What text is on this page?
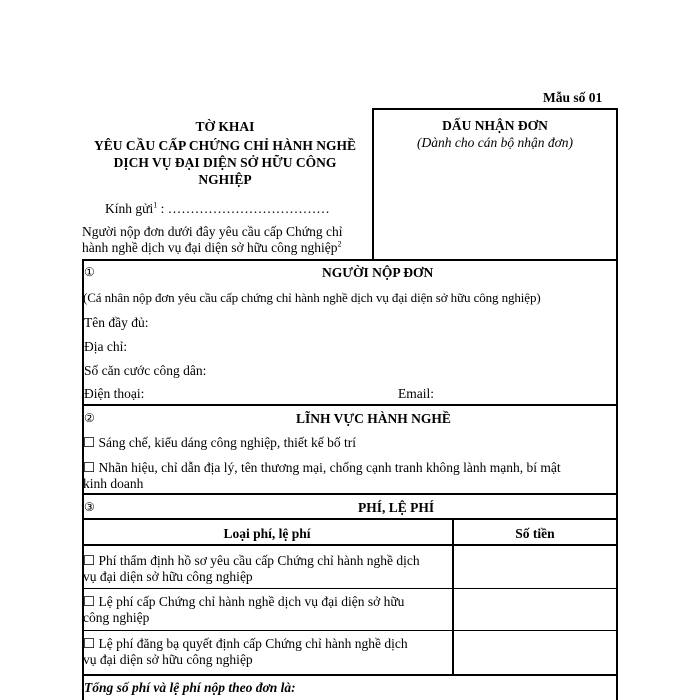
Mẫu số 01
TỜ KHAI
YÊU CẦU CẤP CHỨNG CHỈ HÀNH NGHỀ
DỊCH VỤ ĐẠI DIỆN SỞ HỮU CÔNG
NGHIỆP
Kính gửi$^1$ : ………………………………
Người nộp đơn dưới đây yêu cầu cấp Chứng chỉ
hành nghề dịch vụ đại diện sở hữu công nghiệp$^2$
DẤU NHẬN ĐƠN
(Dành cho cán bộ nhận đơn)
①	NGƯỜI NỘP ĐƠN
(Cá nhân nộp đơn yêu cầu cấp chứng chỉ hành nghề dịch vụ đại diện sở hữu công nghiệp)
Tên đầy đủ:
Địa chỉ:
Số căn cước công dân:
Điện thoại:	Email:
②	LĨNH VỰC HÀNH NGHỀ
☐ Sáng chế, kiểu dáng công nghiệp, thiết kế bố trí
☐ Nhãn hiệu, chỉ dẫn địa lý, tên thương mại, chống cạnh tranh không lành mạnh, bí mật
kinh doanh
③	PHÍ, LỆ PHÍ
Loại phí, lệ phí	Số tiền
☐ Phí thẩm định hồ sơ yêu cầu cấp Chứng chỉ hành nghề dịch
vụ đại diện sở hữu công nghiệp
☐ Lệ phí cấp Chứng chỉ hành nghề dịch vụ đại diện sở hữu
công nghiệp
☐ Lệ phí đăng bạ quyết định cấp Chứng chỉ hành nghề dịch
vụ đại diện sở hữu công nghiệp
Tổng số phí và lệ phí nộp theo đơn là:
